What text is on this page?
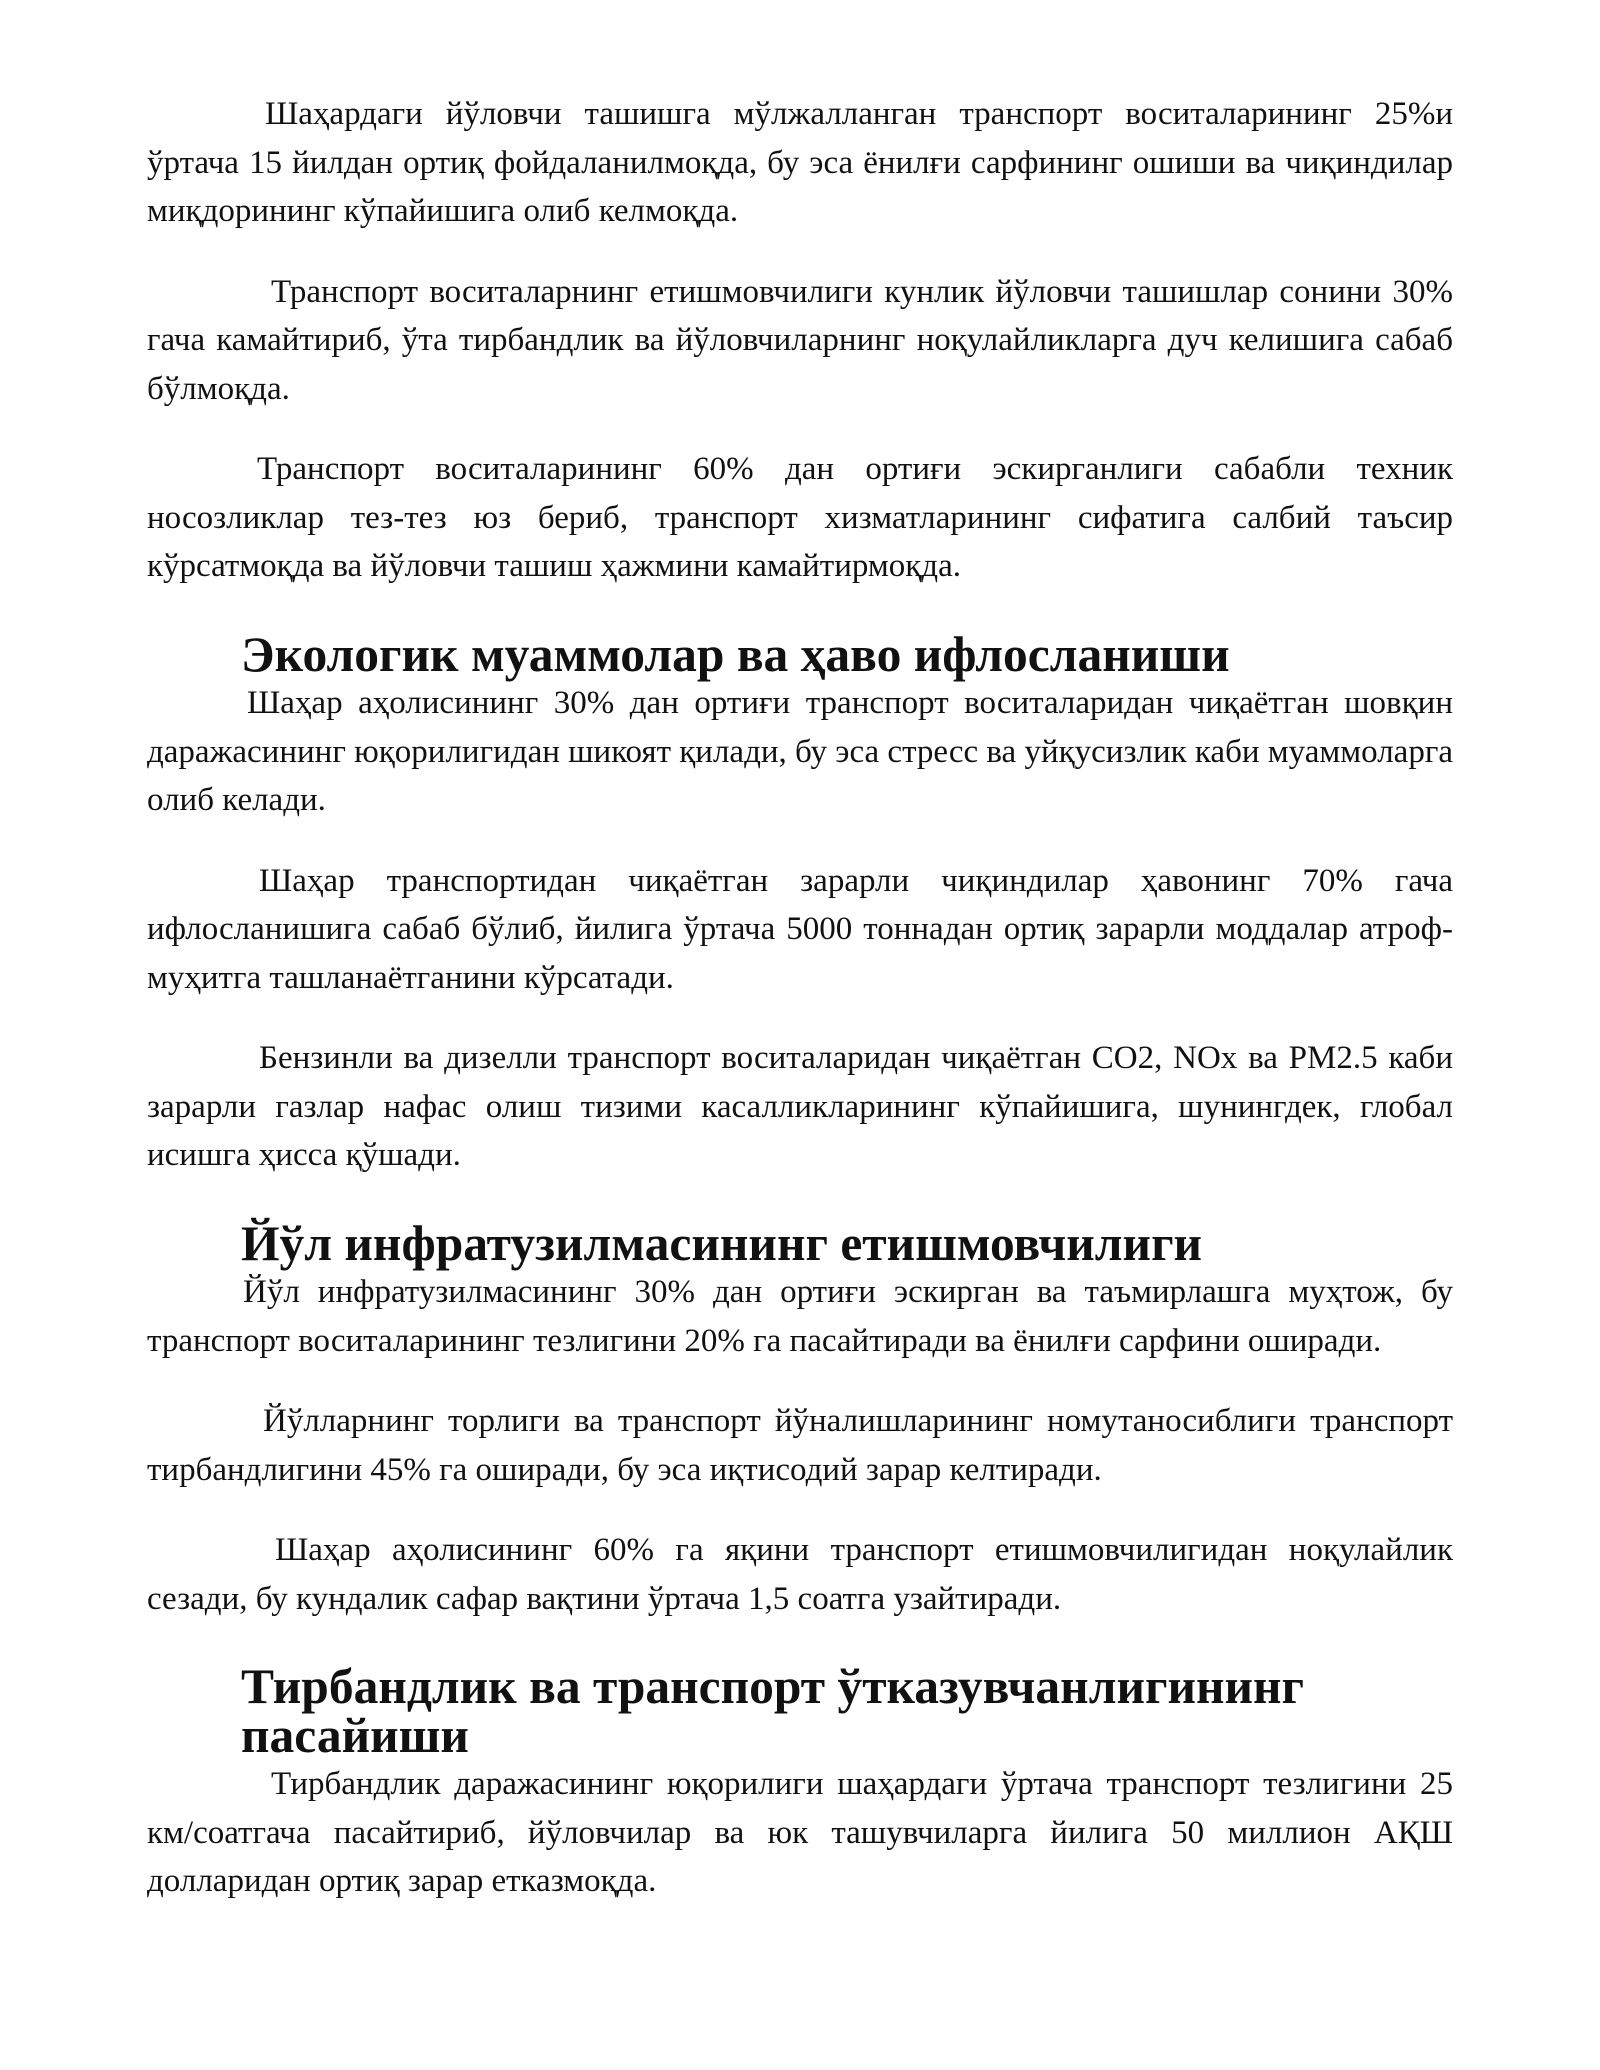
Шаҳардаги йўловчи ташишга мўлжалланган транспорт воситаларининг 25%и ўртача 15 йилдан ортиқ фойдаланилмоқда, бу эса ёнилғи сарфининг ошиши ва чиқиндилар миқдорининг кўпайишига олиб келмоқда.

Транспорт воситаларнинг етишмовчилиги кунлик йўловчи ташишлар сонини 30% гача камайтириб, ўта тирбандлик ва йўловчиларнинг ноқулайликларга дуч келишига сабаб бўлмоқда.

Транспорт воситаларининг 60% дан ортиғи эскирганлиги сабабли техник носозликлар тез-тез юз бериб, транспорт хизматларининг сифатига салбий таъсир кўрсатмоқда ва йўловчи ташиш ҳажмини камайтирмоқда.

Экологик муаммолар ва ҳаво ифлосланиши

Шаҳар аҳолисининг 30% дан ортиғи транспорт воситаларидан чиқаётган шовқин даражасининг юқорилигидан шикоят қилади, бу эса стресс ва уйқусизлик каби муаммоларга олиб келади.

Шаҳар транспортидан чиқаётган зарарли чиқиндилар ҳавонинг 70% гача ифлосланишига сабаб бўлиб, йилига ўртача 5000 тоннадан ортиқ зарарли моддалар атроф-муҳитга ташланаётганини кўрсатади.

Бензинли ва дизелли транспорт воситаларидан чиқаётган CO2, NOx ва PM2.5 каби зарарли газлар нафас олиш тизими касалликларининг кўпайишига, шунингдек, глобал исишга ҳисса қўшади.

Йўл инфратузилмасининг етишмовчилиги

Йўл инфратузилмасининг 30% дан ортиғи эскирган ва таъмирлашга муҳтож, бу транспорт воситаларининг тезлигини 20% га пасайтиради ва ёнилғи сарфини оширади.

Йўлларнинг торлиги ва транспорт йўналишларининг номутаносиблиги транспорт тирбандлигини 45% га оширади, бу эса иқтисодий зарар келтиради.

Шаҳар аҳолисининг 60% га яқини транспорт етишмовчилигидан ноқулайлик сезади, бу кундалик сафар вақтини ўртача 1,5 соатга узайтиради.

Тирбандлик ва транспорт ўтказувчанлигининг пасайиши

Тирбандлик даражасининг юқорилиги шаҳардаги ўртача транспорт тезлигини 25 км/соатгача пасайтириб, йўловчилар ва юк ташувчиларга йилига 50 миллион АҚШ долларидан ортиқ зарар етказмоқда.
